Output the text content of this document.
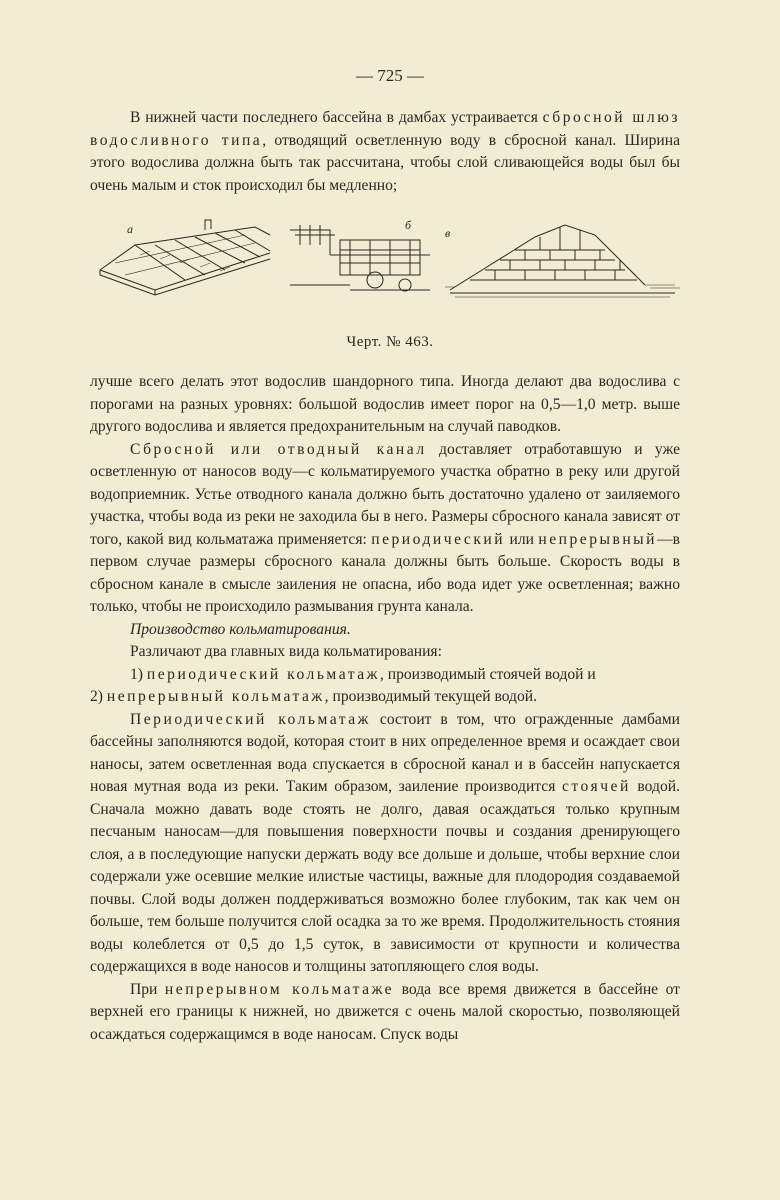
— 725 —

В нижней части последнего бассейна в дамбах устраивается сбросной шлюз водосливного типа, отводящий осветленную воду в сбросной канал. Ширина этого водослива должна быть так рассчитана, чтобы слой сливающейся воды был бы очень малым и сток происходил бы медленно;

a	б
в
Черт. № 463.

лучше всего делать этот водослив шандорного типа. Иногда делают два водослива с порогами на разных уровнях: большой водослив имеет порог на 0,5—1,0 метр. выше другого водослива и является предохранительным на случай паводков.

Сбросной или отводный канал доставляет отработавшую и уже осветленную от наносов воду—с кольматируемого участка обратно в реку или другой водоприемник. Устье отводного канала должно быть достаточно удалено от заиляемого участка, чтобы вода из реки не заходила бы в него. Размеры сбросного канала зависят от того, какой вид кольматажа применяется: периодический или непрерывный—в первом случае размеры сбросного канала должны быть больше. Скорость воды в сбросном канале в смысле заиления не опасна, ибо вода идет уже осветленная; важно только, чтобы не происходило размывания грунта канала.

Производство кольматирования.

Различают два главных вида кольматирования:

1) периодический кольматаж, производимый стоячей водой и

2) непрерывный кольматаж, производимый текущей водой.

Периодический кольматаж состоит в том, что огражденные дамбами бассейны заполняются водой, которая стоит в них определенное время и осаждает свои наносы, затем осветленная вода спускается в сбросной канал и в бассейн напускается новая мутная вода из реки. Таким образом, заиление производится стоячей водой. Сначала можно давать воде стоять не долго, давая осаждаться только крупным песчаным наносам—для повышения поверхности почвы и создания дренирующего слоя, а в последующие напуски держать воду все дольше и дольше, чтобы верхние слои содержали уже осевшие мелкие илистые частицы, важные для плодородия создаваемой почвы. Слой воды должен поддерживаться возможно более глубоким, так как чем он больше, тем больше получится слой осадка за то же время. Продолжительность стояния воды колеблется от 0,5 до 1,5 суток, в зависимости от крупности и количества содержащихся в воде наносов и толщины затопляющего слоя воды.

При непрерывном кольматаже вода все время движется в бассейне от верхней его границы к нижней, но движется с очень малой скоростью, позволяющей осаждаться содержащимся в воде наносам. Спуск воды
